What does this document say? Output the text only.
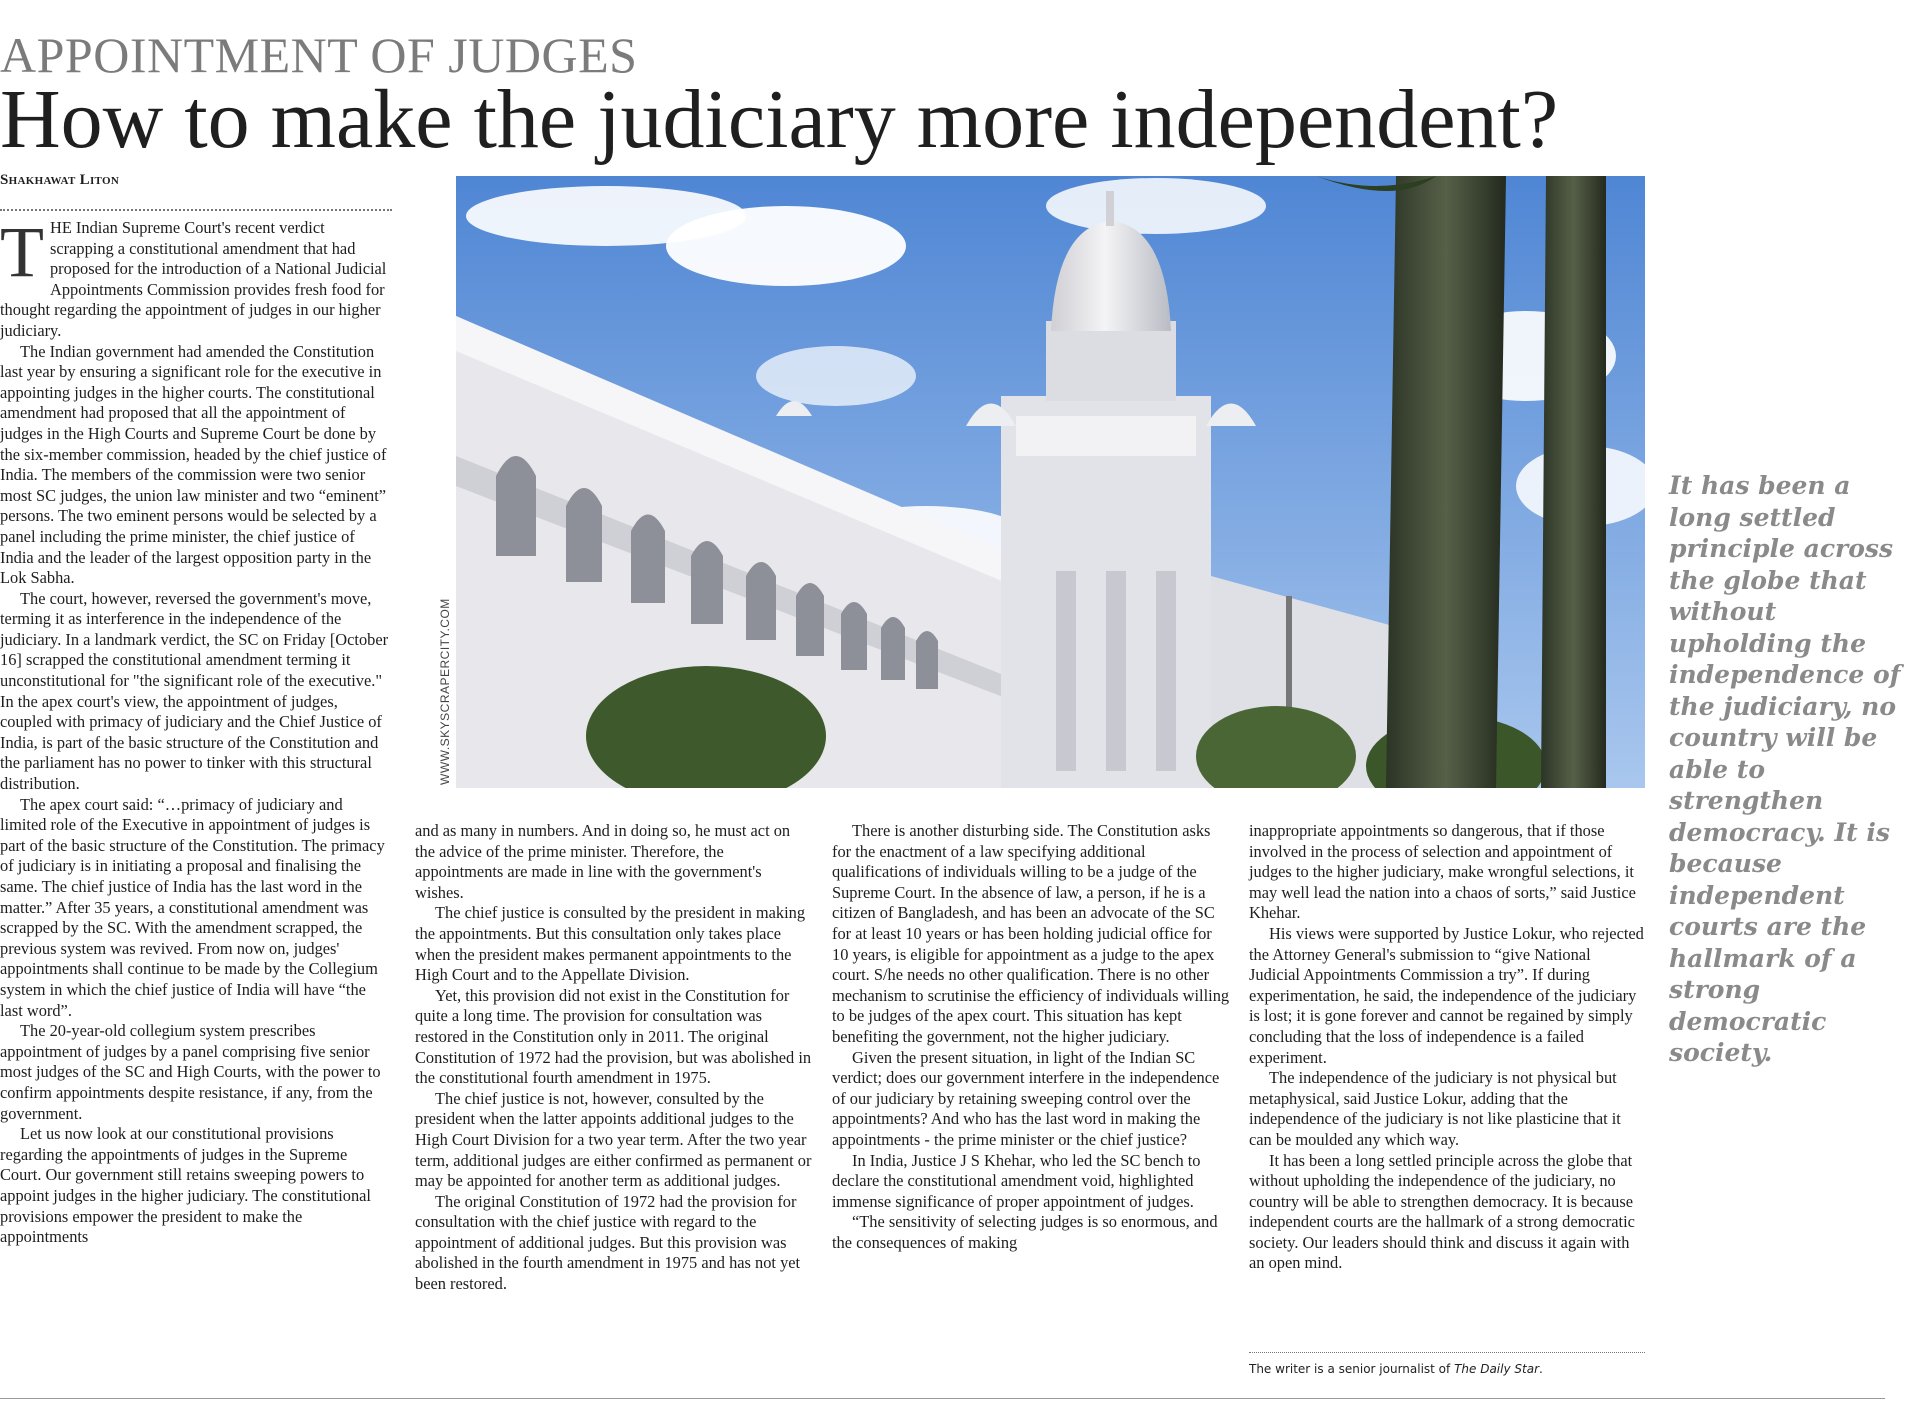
APPOINTMENT OF JUDGES
How to make the judiciary more independent?
Shakhawat Liton
T HE Indian Supreme Court's recent verdict scrapping a constitutional amendment that had proposed for the introduction of a National Judicial Appointments Commission provides fresh food for thought regarding the appointment of judges in our higher judiciary.

The Indian government had amended the Constitution last year by ensuring a significant role for the executive in appointing judges in the higher courts. The constitutional amendment had proposed that all the appointment of judges in the High Courts and Supreme Court be done by the six-member commission, headed by the chief justice of India. The members of the commission were two senior most SC judges, the union law minister and two “eminent” persons. The two eminent persons would be selected by a panel including the prime minister, the chief justice of India and the leader of the largest opposition party in the Lok Sabha.

The court, however, reversed the government's move, terming it as interference in the independence of the judiciary. In a landmark verdict, the SC on Friday [October 16] scrapped the constitutional amendment terming it unconstitutional for "the significant role of the executive." In the apex court's view, the appointment of judges, coupled with primacy of judiciary and the Chief Justice of India, is part of the basic structure of the Constitution and the parliament has no power to tinker with this structural distribution.

The apex court said: “…primacy of judiciary and limited role of the Executive in appointment of judges is part of the basic structure of the Constitution. The primacy of judiciary is in initiating a proposal and finalising the same. The chief justice of India has the last word in the matter.” After 35 years, a constitutional amendment was scrapped by the SC. With the amendment scrapped, the previous system was revived. From now on, judges' appointments shall continue to be made by the Collegium system in which the chief justice of India will have “the last word”.

The 20-year-old collegium system prescribes appointment of judges by a panel comprising five senior most judges of the SC and High Courts, with the power to confirm appointments despite resistance, if any, from the government.

Let us now look at our constitutional provisions regarding the appointments of judges in the Supreme Court. Our government still retains sweeping powers to appoint judges in the higher judiciary. The constitutional provisions empower the president to make the appointments

WWW.SKYSCRAPERCITY.COM
It has been a long settled principle across the globe that without upholding the independence of the judiciary, no country will be able to strengthen democracy. It is because independent courts are the hallmark of a strong democratic society.

and as many in numbers. And in doing so, he must act on the advice of the prime minister. Therefore, the appointments are made in line with the government's wishes.

The chief justice is consulted by the president in making the appointments. But this consultation only takes place when the president makes permanent appointments to the High Court and to the Appellate Division.

Yet, this provision did not exist in the Constitution for quite a long time. The provision for consultation was restored in the Constitution only in 2011. The original Constitution of 1972 had the provision, but was abolished in the constitutional fourth amendment in 1975.

The chief justice is not, however, consulted by the president when the latter appoints additional judges to the High Court Division for a two year term. After the two year term, additional judges are either confirmed as permanent or may be appointed for another term as additional judges.

The original Constitution of 1972 had the provision for consultation with the chief justice with regard to the appointment of additional judges. But this provision was abolished in the fourth amendment in 1975 and has not yet been restored.

There is another disturbing side. The Constitution asks for the enactment of a law specifying additional qualifications of individuals willing to be a judge of the Supreme Court. In the absence of law, a person, if he is a citizen of Bangladesh, and has been an advocate of the SC for at least 10 years or has been holding judicial office for 10 years, is eligible for appointment as a judge to the apex court. S/he needs no other qualification. There is no other mechanism to scrutinise the efficiency of individuals willing to be judges of the apex court. This situation has kept benefiting the government, not the higher judiciary.

Given the present situation, in light of the Indian SC verdict; does our government interfere in the independence of our judiciary by retaining sweeping control over the appointments? And who has the last word in making the appointments - the prime minister or the chief justice?

In India, Justice J S Khehar, who led the SC bench to declare the constitutional amendment void, highlighted immense significance of proper appointment of judges.

“The sensitivity of selecting judges is so enormous, and the consequences of making

inappropriate appointments so dangerous, that if those involved in the process of selection and appointment of judges to the higher judiciary, make wrongful selections, it may well lead the nation into a chaos of sorts,” said Justice Khehar.

His views were supported by Justice Lokur, who rejected the Attorney General's submission to “give National Judicial Appointments Commission a try”. If during experimentation, he said, the independence of the judiciary is lost; it is gone forever and cannot be regained by simply concluding that the loss of independence is a failed experiment.

The independence of the judiciary is not physical but metaphysical, said Justice Lokur, adding that the independence of the judiciary is not like plasticine that it can be moulded any which way.

It has been a long settled principle across the globe that without upholding the independence of the judiciary, no country will be able to strengthen democracy. It is because independent courts are the hallmark of a strong democratic society. Our leaders should think and discuss it again with an open mind.

The writer is a senior journalist of The Daily Star.
